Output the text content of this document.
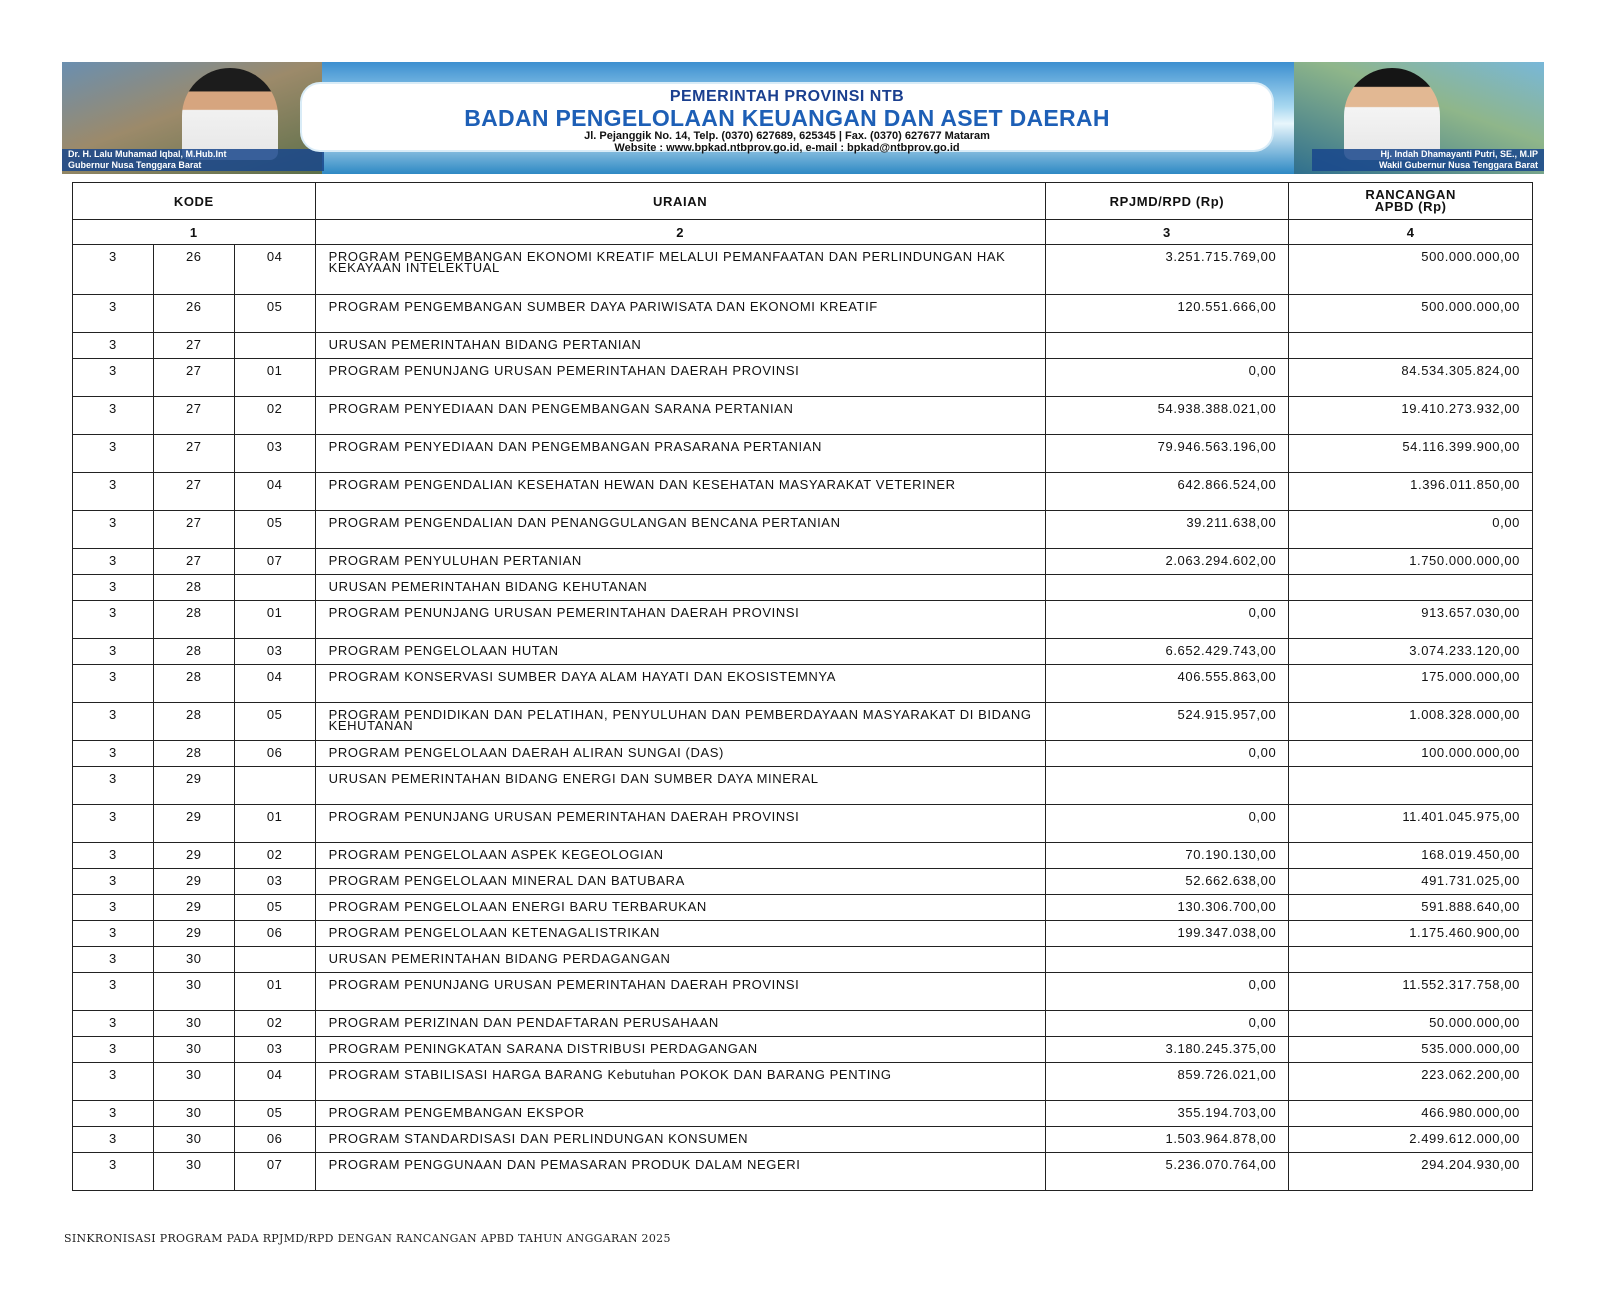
Dr. H. Lalu Muhamad Iqbal, M.Hub.Int
Gubernur Nusa Tenggara Barat
Hj. Indah Dhamayanti Putri, SE., M.IP
Wakil Gubernur Nusa Tenggara Barat
PEMERINTAH PROVINSI NTB
BADAN PENGELOLAAN KEUANGAN DAN ASET DAERAH
Jl. Pejanggik No. 14, Telp. (0370) 627689, 625345 | Fax. (0370) 627677 Mataram
Website : www.bpkad.ntbprov.go.id, e-mail : bpkad@ntbprov.go.id
KODE			URAIAN	RPJMD/RPD (Rp)	RANCANGAN
APBD (Rp)
1			2	3	4
3	26	04	PROGRAM PENGEMBANGAN EKONOMI KREATIF MELALUI PEMANFAATAN DAN PERLINDUNGAN HAK KEKAYAAN INTELEKTUAL	3.251.715.769,00	500.000.000,00
3	26	05	PROGRAM PENGEMBANGAN SUMBER DAYA PARIWISATA DAN EKONOMI KREATIF	120.551.666,00	500.000.000,00
3	27		URUSAN PEMERINTAHAN BIDANG PERTANIAN		
3	27	01	PROGRAM PENUNJANG URUSAN PEMERINTAHAN DAERAH PROVINSI	0,00	84.534.305.824,00
3	27	02	PROGRAM PENYEDIAAN DAN PENGEMBANGAN SARANA PERTANIAN	54.938.388.021,00	19.410.273.932,00
3	27	03	PROGRAM PENYEDIAAN DAN PENGEMBANGAN PRASARANA PERTANIAN	79.946.563.196,00	54.116.399.900,00
3	27	04	PROGRAM PENGENDALIAN KESEHATAN HEWAN DAN KESEHATAN MASYARAKAT VETERINER	642.866.524,00	1.396.011.850,00
3	27	05	PROGRAM PENGENDALIAN DAN PENANGGULANGAN BENCANA PERTANIAN	39.211.638,00	0,00
3	27	07	PROGRAM PENYULUHAN PERTANIAN	2.063.294.602,00	1.750.000.000,00
3	28		URUSAN PEMERINTAHAN BIDANG KEHUTANAN		
3	28	01	PROGRAM PENUNJANG URUSAN PEMERINTAHAN DAERAH PROVINSI	0,00	913.657.030,00
3	28	03	PROGRAM PENGELOLAAN HUTAN	6.652.429.743,00	3.074.233.120,00
3	28	04	PROGRAM KONSERVASI SUMBER DAYA ALAM HAYATI DAN EKOSISTEMNYA	406.555.863,00	175.000.000,00
3	28	05	PROGRAM PENDIDIKAN DAN PELATIHAN, PENYULUHAN DAN PEMBERDAYAAN MASYARAKAT DI BIDANG KEHUTANAN	524.915.957,00	1.008.328.000,00
3	28	06	PROGRAM PENGELOLAAN DAERAH ALIRAN SUNGAI (DAS)	0,00	100.000.000,00
3	29		URUSAN PEMERINTAHAN BIDANG ENERGI DAN SUMBER DAYA MINERAL		
3	29	01	PROGRAM PENUNJANG URUSAN PEMERINTAHAN DAERAH PROVINSI	0,00	11.401.045.975,00
3	29	02	PROGRAM PENGELOLAAN ASPEK KEGEOLOGIAN	70.190.130,00	168.019.450,00
3	29	03	PROGRAM PENGELOLAAN MINERAL DAN BATUBARA	52.662.638,00	491.731.025,00
3	29	05	PROGRAM PENGELOLAAN ENERGI BARU TERBARUKAN	130.306.700,00	591.888.640,00
3	29	06	PROGRAM PENGELOLAAN KETENAGALISTRIKAN	199.347.038,00	1.175.460.900,00
3	30		URUSAN PEMERINTAHAN BIDANG PERDAGANGAN		
3	30	01	PROGRAM PENUNJANG URUSAN PEMERINTAHAN DAERAH PROVINSI	0,00	11.552.317.758,00
3	30	02	PROGRAM PERIZINAN DAN PENDAFTARAN PERUSAHAAN	0,00	50.000.000,00
3	30	03	PROGRAM PENINGKATAN SARANA DISTRIBUSI PERDAGANGAN	3.180.245.375,00	535.000.000,00
3	30	04	PROGRAM STABILISASI HARGA BARANG Kebutuhan POKOK DAN BARANG PENTING	859.726.021,00	223.062.200,00
3	30	05	PROGRAM PENGEMBANGAN EKSPOR	355.194.703,00	466.980.000,00
3	30	06	PROGRAM STANDARDISASI DAN PERLINDUNGAN KONSUMEN	1.503.964.878,00	2.499.612.000,00
3	30	07	PROGRAM PENGGUNAAN DAN PEMASARAN PRODUK DALAM NEGERI	5.236.070.764,00	294.204.930,00
SINKRONISASI PROGRAM PADA RPJMD/RPD DENGAN RANCANGAN APBD TAHUN ANGGARAN 2025
